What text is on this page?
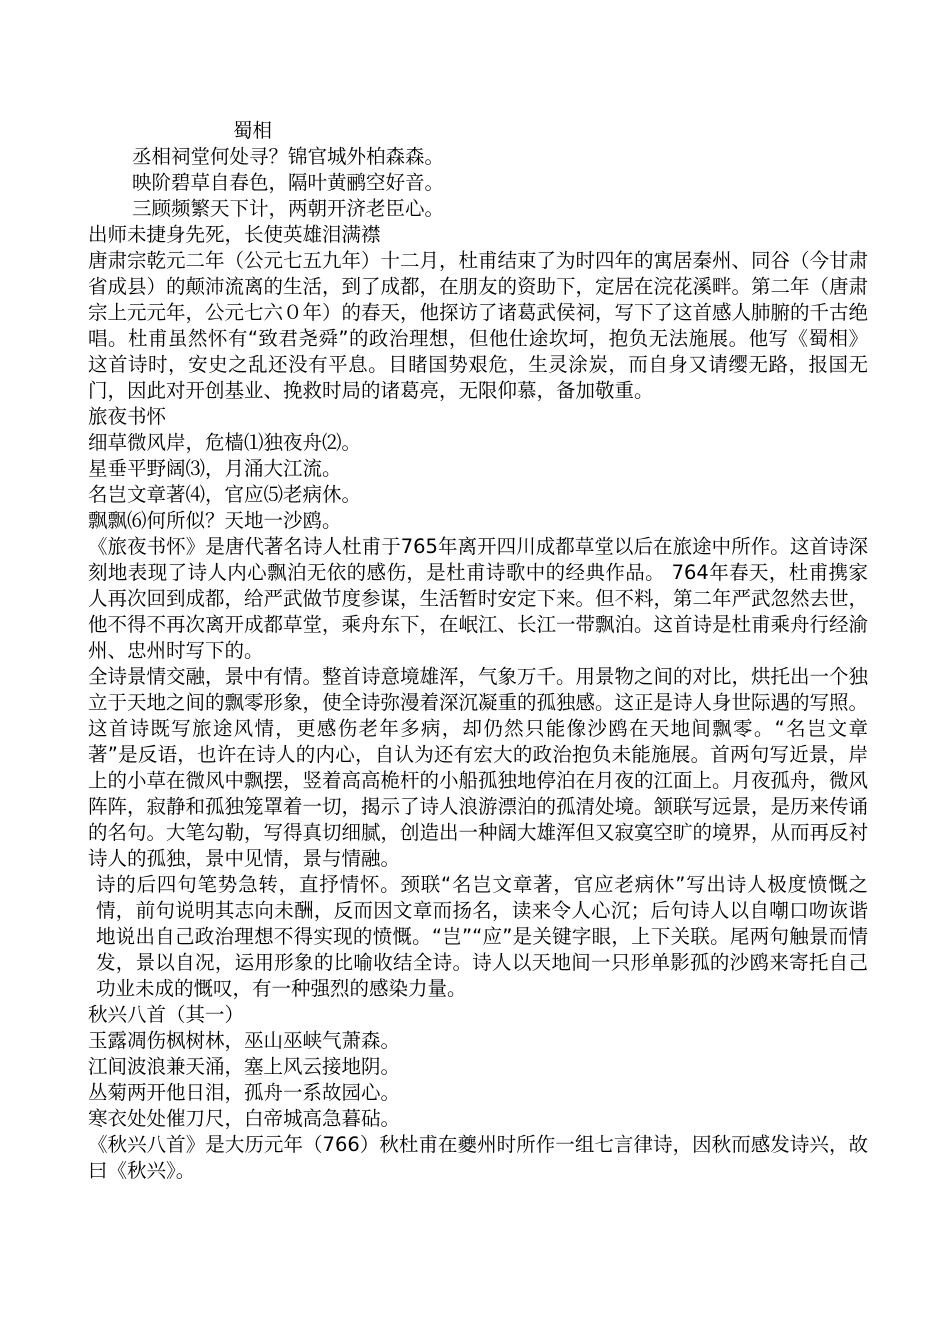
蜀相
丞相祠堂何处寻？锦官城外柏森森。
映阶碧草自春色，隔叶黄鹂空好音。
三顾频繁天下计，两朝开济老臣心。
出师未捷身先死，长使英雄泪满襟
唐肃宗乾元二年（公元七五九年）十二月，杜甫结束了为时四年的寓居秦州、同谷（今甘肃省成县）的颠沛流离的生活，到了成都，在朋友的资助下，定居在浣花溪畔。第二年（唐肃宗上元元年，公元七六０年）的春天，他探访了诸葛武侯祠，写下了这首感人肺腑的千古绝唱。杜甫虽然怀有“致君尧舜”的政治理想，但他仕途坎坷，抱负无法施展。他写《蜀相》这首诗时，安史之乱还没有平息。目睹国势艰危，生灵涂炭，而自身又请缨无路，报国无门，因此对开创基业、挽救时局的诸葛亮，无限仰慕，备加敬重。
旅夜书怀
细草微风岸，危樯⑴独夜舟⑵。
星垂平野阔⑶，月涌大江流。
名岂文章著⑷，官应⑸老病休。
飘飘⑹何所似？天地一沙鸥。
《旅夜书怀》是唐代著名诗人杜甫于765年离开四川成都草堂以后在旅途中所作。这首诗深刻地表现了诗人内心飘泊无依的感伤，是杜甫诗歌中的经典作品。 764年春天，杜甫携家人再次回到成都，给严武做节度参谋，生活暂时安定下来。但不料，第二年严武忽然去世，他不得不再次离开成都草堂，乘舟东下，在岷江、长江一带飘泊。这首诗是杜甫乘舟行经渝州、忠州时写下的。
全诗景情交融，景中有情。整首诗意境雄浑，气象万千。用景物之间的对比，烘托出一个独立于天地之间的飘零形象，使全诗弥漫着深沉凝重的孤独感。这正是诗人身世际遇的写照。
这首诗既写旅途风情，更感伤老年多病，却仍然只能像沙鸥在天地间飘零。“名岂文章著”是反语，也许在诗人的内心，自认为还有宏大的政治抱负未能施展。首两句写近景，岸上的小草在微风中飘摆，竖着高高桅杆的小船孤独地停泊在月夜的江面上。月夜孤舟，微风阵阵，寂静和孤独笼罩着一切，揭示了诗人浪游漂泊的孤清处境。颔联写远景，是历来传诵的名句。大笔勾勒，写得真切细腻，创造出一种阔大雄浑但又寂寞空旷的境界，从而再反衬诗人的孤独，景中见情，景与情融。
诗的后四句笔势急转，直抒情怀。颈联“名岂文章著，官应老病休”写出诗人极度愤慨之情，前句说明其志向未酬，反而因文章而扬名，读来令人心沉；后句诗人以自嘲口吻诙谐地说出自己政治理想不得实现的愤慨。“岂”“应”是关键字眼，上下关联。尾两句触景而情发，景以自况，运用形象的比喻收结全诗。诗人以天地间一只形单影孤的沙鸥来寄托自己功业未成的慨叹，有一种强烈的感染力量。
秋兴八首（其一）
玉露凋伤枫树林，巫山巫峡气萧森。
江间波浪兼天涌，塞上风云接地阴。
丛菊两开他日泪，孤舟一系故园心。
寒衣处处催刀尺，白帝城高急暮砧。
《秋兴八首》是大历元年（766）秋杜甫在夔州时所作一组七言律诗，因秋而感发诗兴，故曰《秋兴》。
